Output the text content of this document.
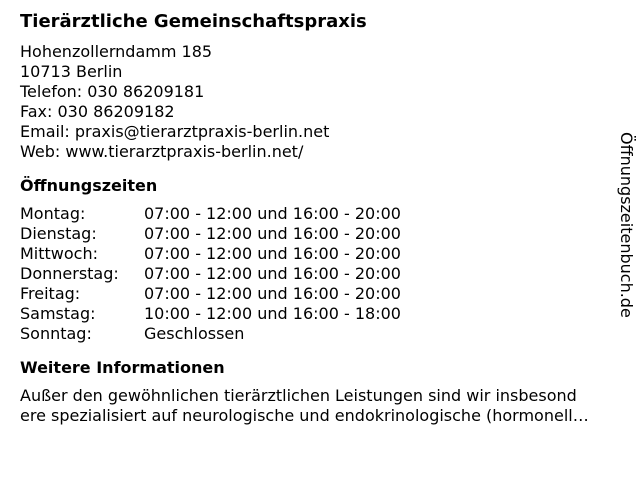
Tierärztliche Gemeinschaftspraxis
Hohenzollerndamm 185
10713 Berlin
Telefon: 030 86209181
Fax: 030 86209182
Email: praxis@tierarztpraxis-berlin.net
Web: www.tierarztpraxis-berlin.net/
Öffnungszeiten
Montag:	07:00 - 12:00 und 16:00 - 20:00
Dienstag:	07:00 - 12:00 und 16:00 - 20:00
Mittwoch:	07:00 - 12:00 und 16:00 - 20:00
Donnerstag:	07:00 - 12:00 und 16:00 - 20:00
Freitag:	07:00 - 12:00 und 16:00 - 20:00
Samstag:	10:00 - 12:00 und 16:00 - 18:00
Sonntag:	Geschlossen
Weitere Informationen
Außer den gewöhnlichen tierärztlichen Leistungen sind wir insbesond
ere spezialisiert auf neurologische und endokrinologische (hormonell…
Öffnungszeitenbuch.de
